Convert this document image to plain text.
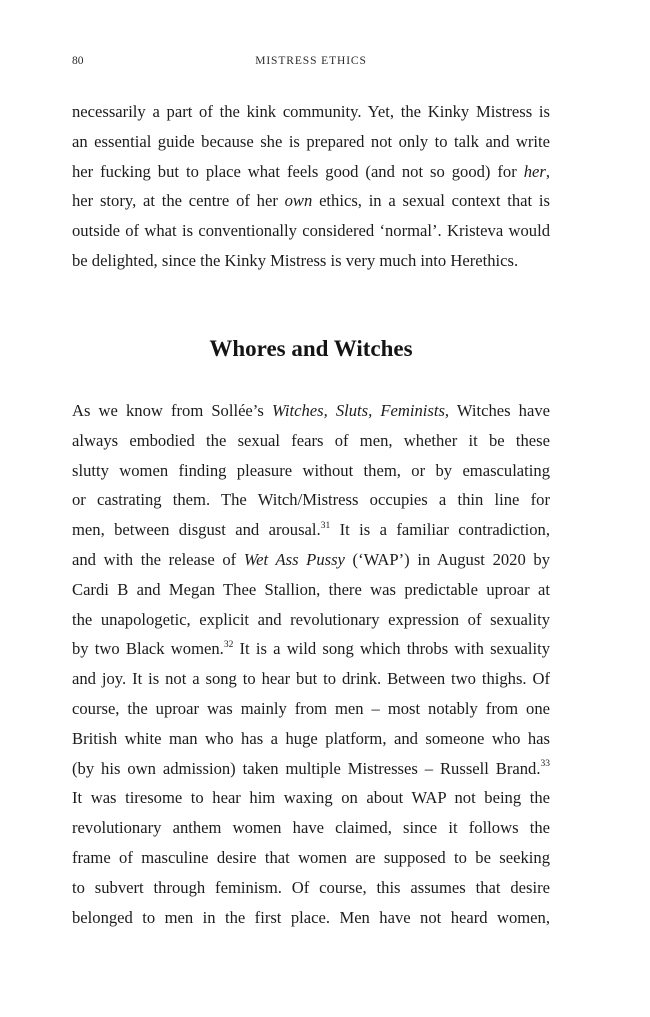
80	MISTRESS ETHICS
necessarily a part of the kink community. Yet, the Kinky Mistress is
an essential guide because she is prepared not only to talk and write
her fucking but to place what feels good (and not so good) for her,
her story, at the centre of her own ethics, in a sexual context that is
outside of what is conventionally considered ‘normal’. Kristeva would
be delighted, since the Kinky Mistress is very much into Herethics.
Whores and Witches
As we know from Sollée’s Witches, Sluts, Feminists, Witches have
always embodied the sexual fears of men, whether it be these
slutty women finding pleasure without them, or by emasculating
or castrating them. The Witch/Mistress occupies a thin line for
men, between disgust and arousal.$^{31}$ It is a familiar contradiction,
and with the release of Wet Ass Pussy (‘WAP’) in August 2020 by
Cardi B and Megan Thee Stallion, there was predictable uproar at
the unapologetic, explicit and revolutionary expression of sexuality
by two Black women.$^{32}$ It is a wild song which throbs with sexuality
and joy. It is not a song to hear but to drink. Between two thighs. Of
course, the uproar was mainly from men – most notably from one
British white man who has a huge platform, and someone who has
(by his own admission) taken multiple Mistresses – Russell Brand.$^{33}$
It was tiresome to hear him waxing on about WAP not being the
revolutionary anthem women have claimed, since it follows the
frame of masculine desire that women are supposed to be seeking
to subvert through feminism. Of course, this assumes that desire
belonged to men in the first place. Men have not heard women,
